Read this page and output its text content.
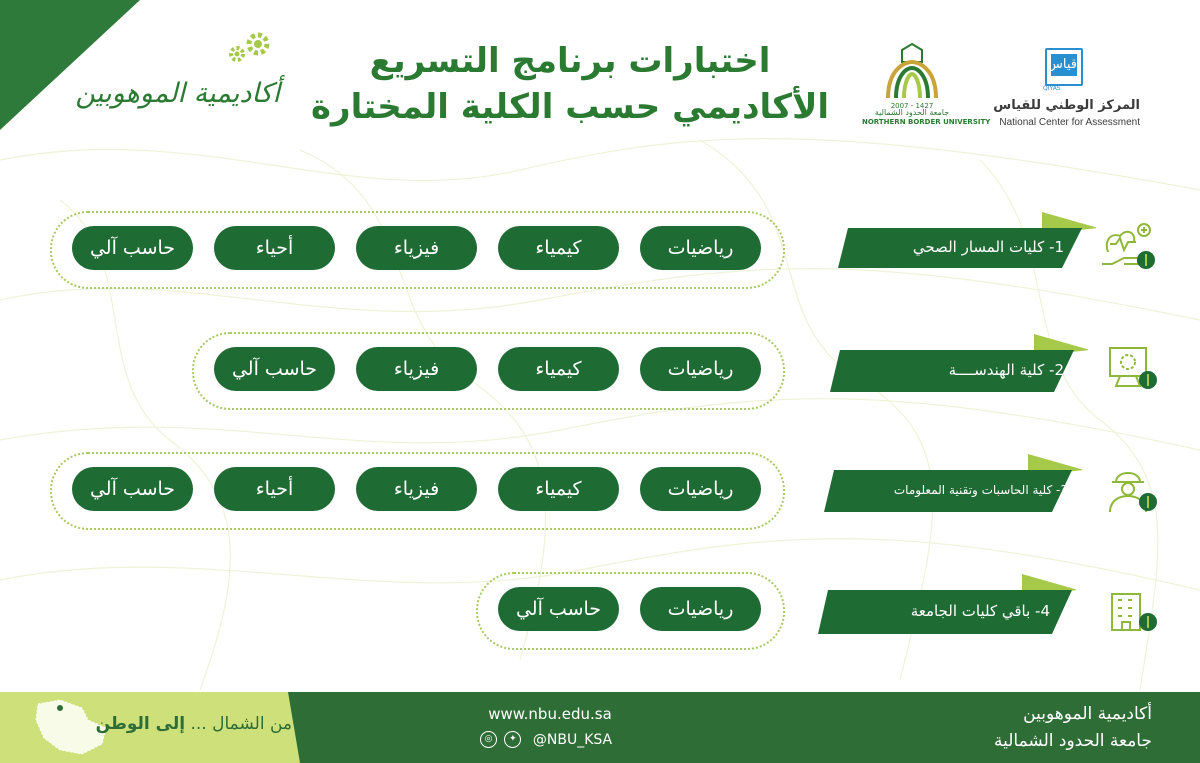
أكاديمية الموهوبين
اختبارات برنامج التسريع
الأكاديمي حسب الكلية المختارة	2007 - 1427
NORTHERN BORDER UNIVERSITY
جامعة الحدود الشمالية
قياس
QIYAS
المركز الوطني للقياس
National Center for Assessment
رياضيات
كيمياء
فيزياء
أحياء
حاسب آلي	1- كليات المسار الصحي
رياضيات
كيمياء
فيزياء
حاسب آلي	2- كلية الهندســــة
رياضيات
كيمياء
فيزياء
أحياء
حاسب آلي	3- كلية الحاسبات وتقنية المعلومات
رياضيات
حاسب آلي	4- باقي كليات الجامعة
من الشمال ... إلى الوطن	www.nbu.edu.sa
◎ ✦ @NBU_KSA
أكاديمية الموهوبين
جامعة الحدود الشمالية
